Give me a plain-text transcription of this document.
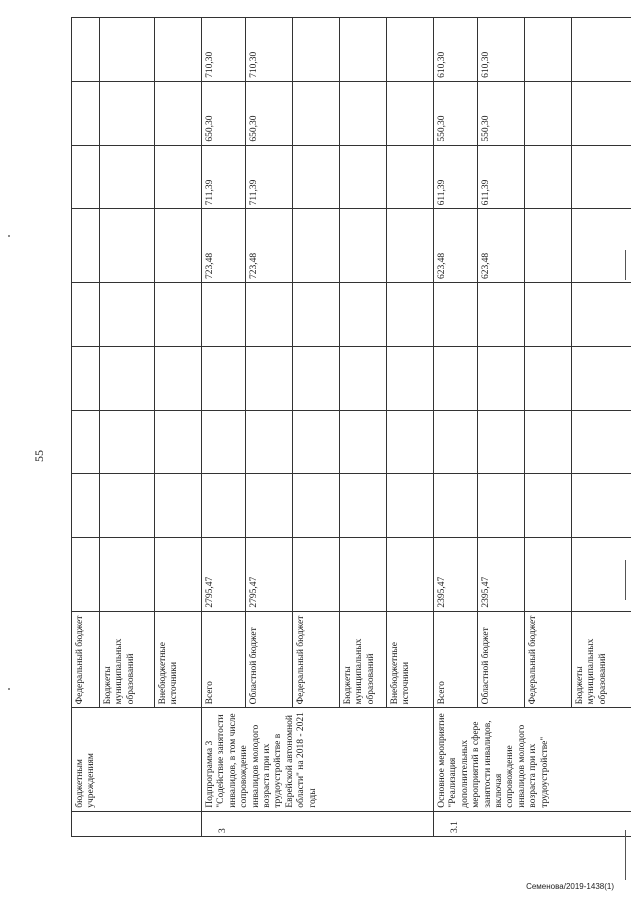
55
	бюджетным учреждениям	Федеральный бюджет									
		Бюджеты муниципальных образований									
		Внебюджетные источники									
3	Подпрограмма 3 "Содействие занятости инвалидов, в том числе сопровождение инвалидов молодого возраста при их трудоустройстве в Еврейской автономной области" на 2018 - 2021 годы	Всего	2795,47					723,48	711,39	650,30	710,30
		Областной бюджет	2795,47					723,48	711,39	650,30	710,30
		Федеральный бюджет									
		Бюджеты муниципальных образований									
		Внебюджетные источники									
3.1	Основное мероприятие "Реализация дополнительных мероприятий в сфере занятости инвалидов, включая сопровождение инвалидов молодого возраста при их трудоустройстве"	Всего	2395,47					623,48	611,39	550,30	610,30
		Областной бюджет	2395,47					623,48	611,39	550,30	610,30
		Федеральный бюджет									
		Бюджеты муниципальных образований									
Семенова/2019-1438(1)
